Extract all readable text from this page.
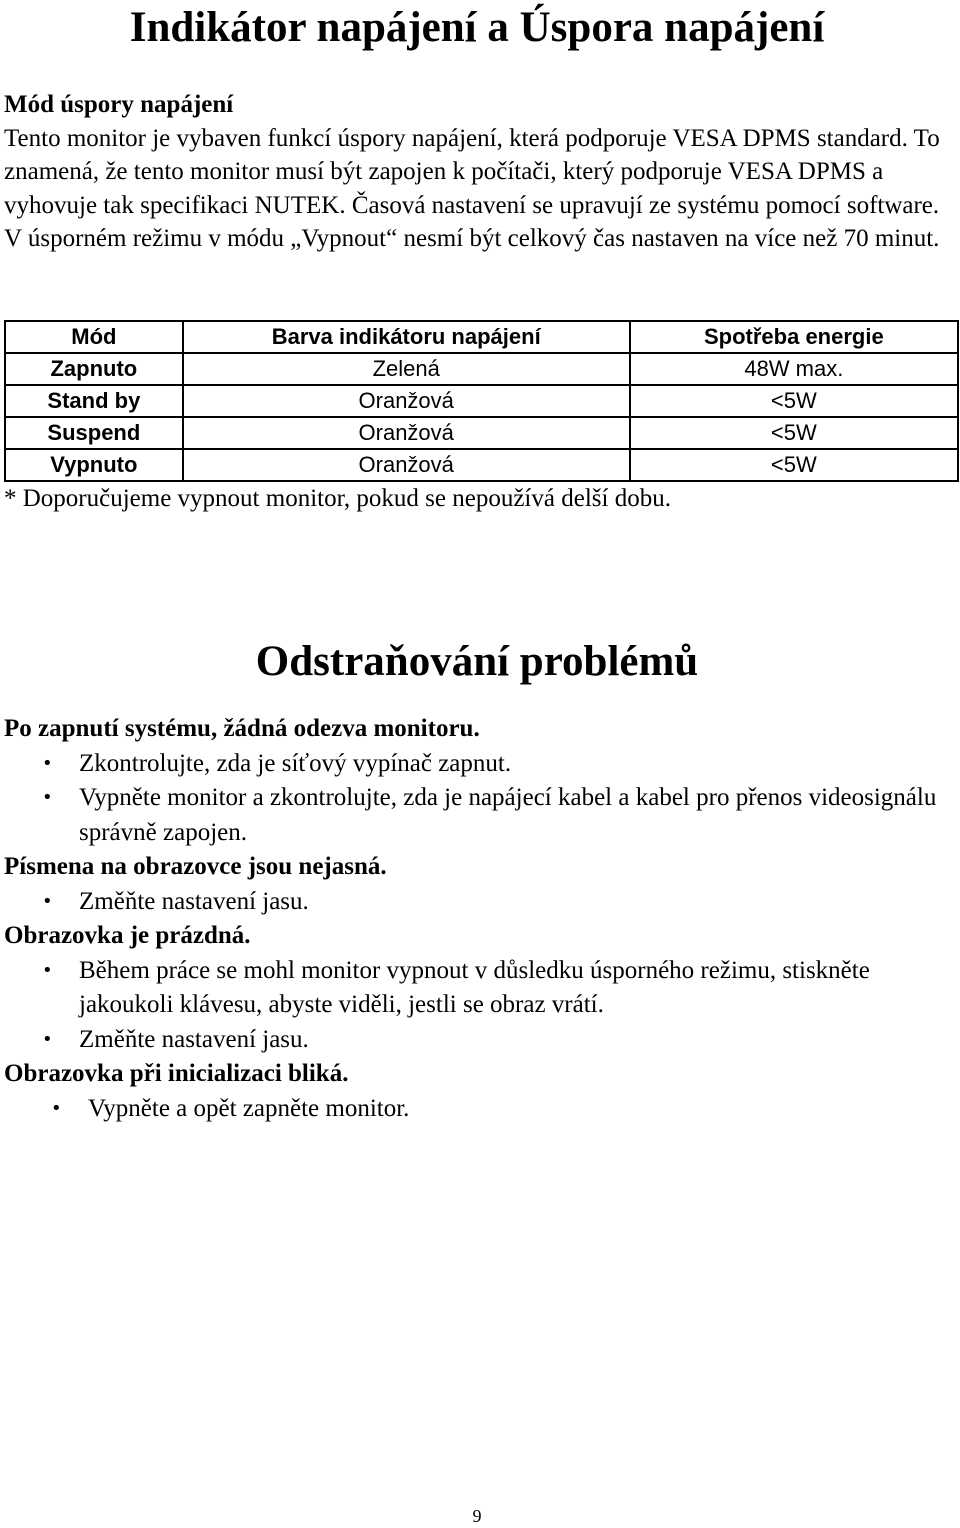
Indikátor napájení a Úspora napájení
Mód úspory napájení

Tento monitor je vybaven funkcí úspory napájení, která podporuje VESA DPMS standard. To znamená, že tento monitor musí být zapojen k počítači, který podporuje VESA DPMS a vyhovuje tak specifikaci NUTEK. Časová nastavení se upravují ze systému pomocí software. V úsporném režimu v módu „Vypnout“ nesmí být celkový čas nastaven na více než 70 minut.

Mód	Barva indikátoru napájení	Spotřeba energie
Zapnuto	Zelená	48W max.
Stand by	Oranžová	<5W
Suspend	Oranžová	<5W
Vypnuto	Oranžová	<5W
* Doporučujeme vypnout monitor, pokud se nepoužívá delší dobu.
Odstraňování problémů

Po zapnutí systému, žádná odezva monitoru.

• Zkontrolujte, zda je síťový vypínač zapnut.
• Vypněte monitor a zkontrolujte, zda je napájecí kabel a kabel pro přenos videosignálu správně zapojen.

Písmena na obrazovce jsou nejasná.

• Změňte nastavení jasu.

Obrazovka je prázdná.

• Během práce se mohl monitor vypnout v důsledku úsporného režimu, stiskněte jakoukoli klávesu, abyste viděli, jestli se obraz vrátí.
• Změňte nastavení jasu.

Obrazovka při inicializaci bliká.

• Vypněte a opět zapněte monitor.
9
